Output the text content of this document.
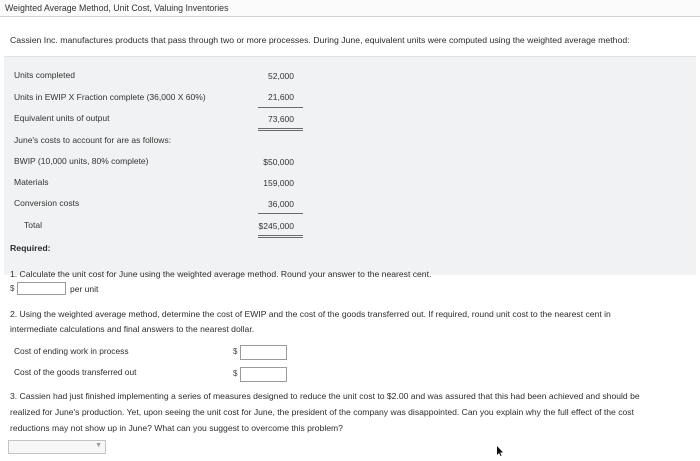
Weighted Average Method, Unit Cost, Valuing Inventories
Cassien Inc. manufactures products that pass through two or more processes. During June, equivalent units were computed using the weighted average method:
Units completed	52,000
Units in EWIP X Fraction complete (36,000 X 60%)	21,600
Equivalent units of output	73,600
June's costs to account for are as follows:
BWIP (10,000 units, 80% complete)	$50,000
Materials	159,000
Conversion costs	36,000
Total	$245,000
Required:
1. Calculate the unit cost for June using the weighted average method. Round your answer to the nearest cent.
$	per unit
2. Using the weighted average method, determine the cost of EWIP and the cost of the goods transferred out. If required, round unit cost to the nearest cent in
intermediate calculations and final answers to the nearest dollar.
Cost of ending work in process	$
Cost of the goods transferred out	$
3. Cassien had just finished implementing a series of measures designed to reduce the unit cost to $2.00 and was assured that this had been achieved and should be
realized for June's production. Yet, upon seeing the unit cost for June, the president of the company was disappointed. Can you explain why the full effect of the cost
reductions may not show up in June? What can you suggest to overcome this problem?
▼
